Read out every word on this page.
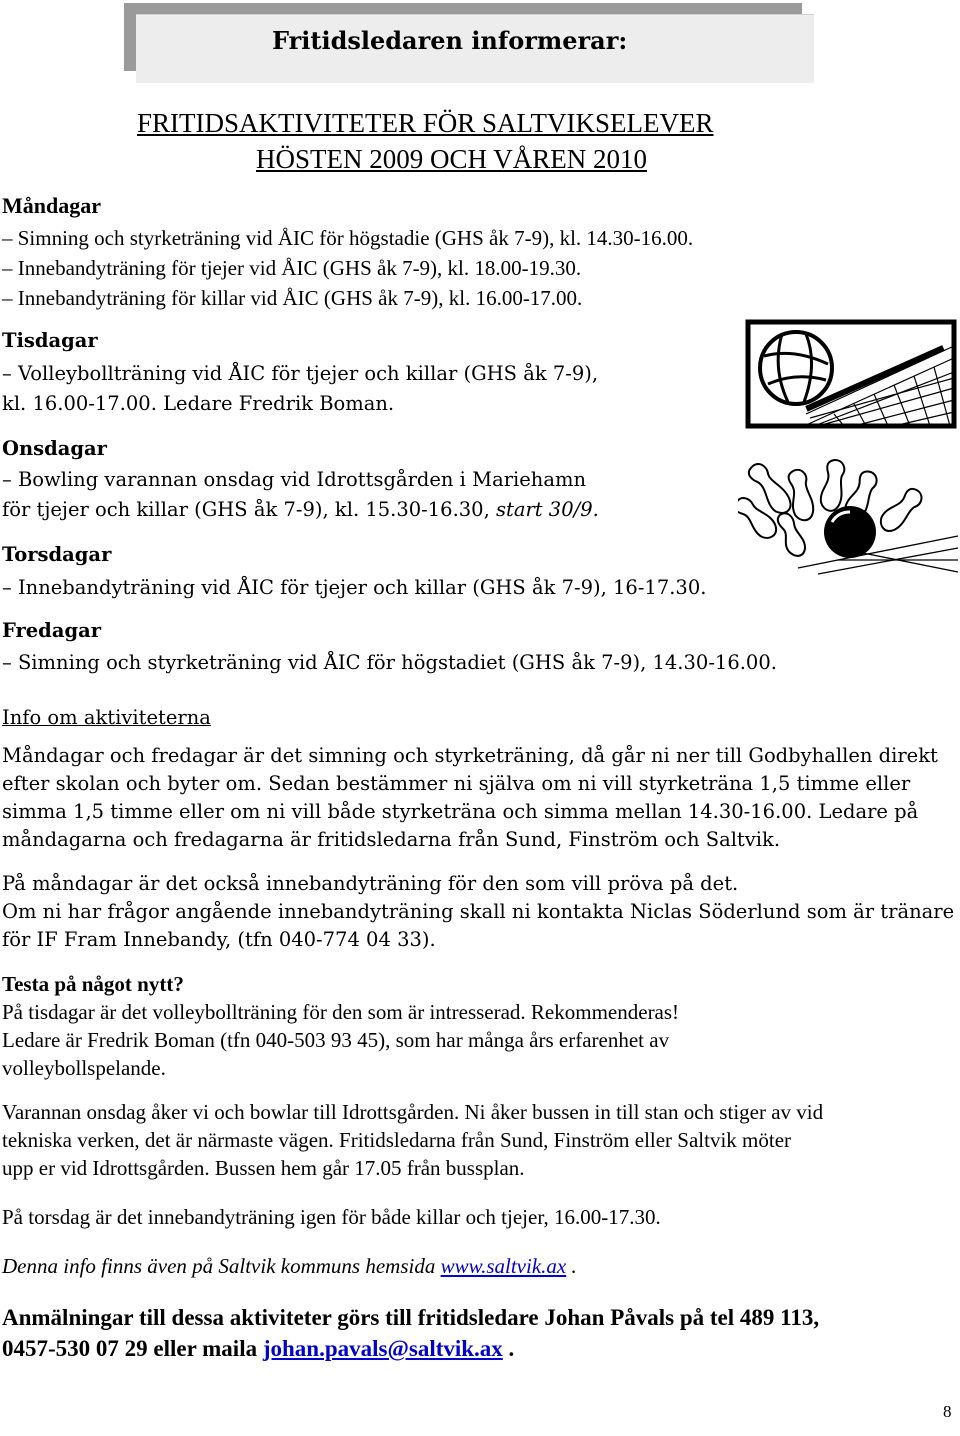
Fritidsledaren informerar:
FRITIDSAKTIVITETER FÖR SALTVIKSELEVER
HÖSTEN 2009 OCH VÅREN 2010
Måndagar
– Simning och styrketräning vid ÅIC för högstadie (GHS åk 7-9), kl. 14.30-16.00.
– Innebandyträning för tjejer vid ÅIC (GHS åk 7-9), kl. 18.00-19.30.
– Innebandyträning för killar vid ÅIC (GHS åk 7-9), kl. 16.00-17.00.
Tisdagar
– Volleybollträning vid ÅIC för tjejer och killar (GHS åk 7-9),
kl. 16.00-17.00. Ledare Fredrik Boman.
Onsdagar
– Bowling varannan onsdag vid Idrottsgården i Mariehamn
för tjejer och killar (GHS åk 7-9), kl. 15.30-16.30, start 30/9.
Torsdagar
– Innebandyträning vid ÅIC för tjejer och killar (GHS åk 7-9), 16-17.30.
Fredagar
– Simning och styrketräning vid ÅIC för högstadiet (GHS åk 7-9), 14.30-16.00.
Info om aktiviteterna
Måndagar och fredagar är det simning och styrketräning, då går ni ner till Godbyhallen direkt
efter skolan och byter om. Sedan bestämmer ni själva om ni vill styrketräna 1,5 timme eller
simma 1,5 timme eller om ni vill både styrketräna och simma mellan 14.30-16.00. Ledare på
måndagarna och fredagarna är fritidsledarna från Sund, Finström och Saltvik.
På måndagar är det också innebandyträning för den som vill pröva på det.
Om ni har frågor angående innebandyträning skall ni kontakta Niclas Söderlund som är tränare
för IF Fram Innebandy, (tfn 040-774 04 33).
Testa på något nytt?
På tisdagar är det volleybollträning för den som är intresserad. Rekommenderas!
Ledare är Fredrik Boman (tfn 040-503 93 45), som har många års erfarenhet av
volleybollspelande.
Varannan onsdag åker vi och bowlar till Idrottsgården. Ni åker bussen in till stan och stiger av vid
tekniska verken, det är närmaste vägen. Fritidsledarna från Sund, Finström eller Saltvik möter
upp er vid Idrottsgården. Bussen hem går 17.05 från bussplan.
På torsdag är det innebandyträning igen för både killar och tjejer, 16.00-17.30.
Denna info finns även på Saltvik kommuns hemsida www.saltvik.ax .
Anmälningar till dessa aktiviteter görs till fritidsledare Johan Påvals på tel 489 113,
0457-530 07 29 eller maila johan.pavals@saltvik.ax .
8
